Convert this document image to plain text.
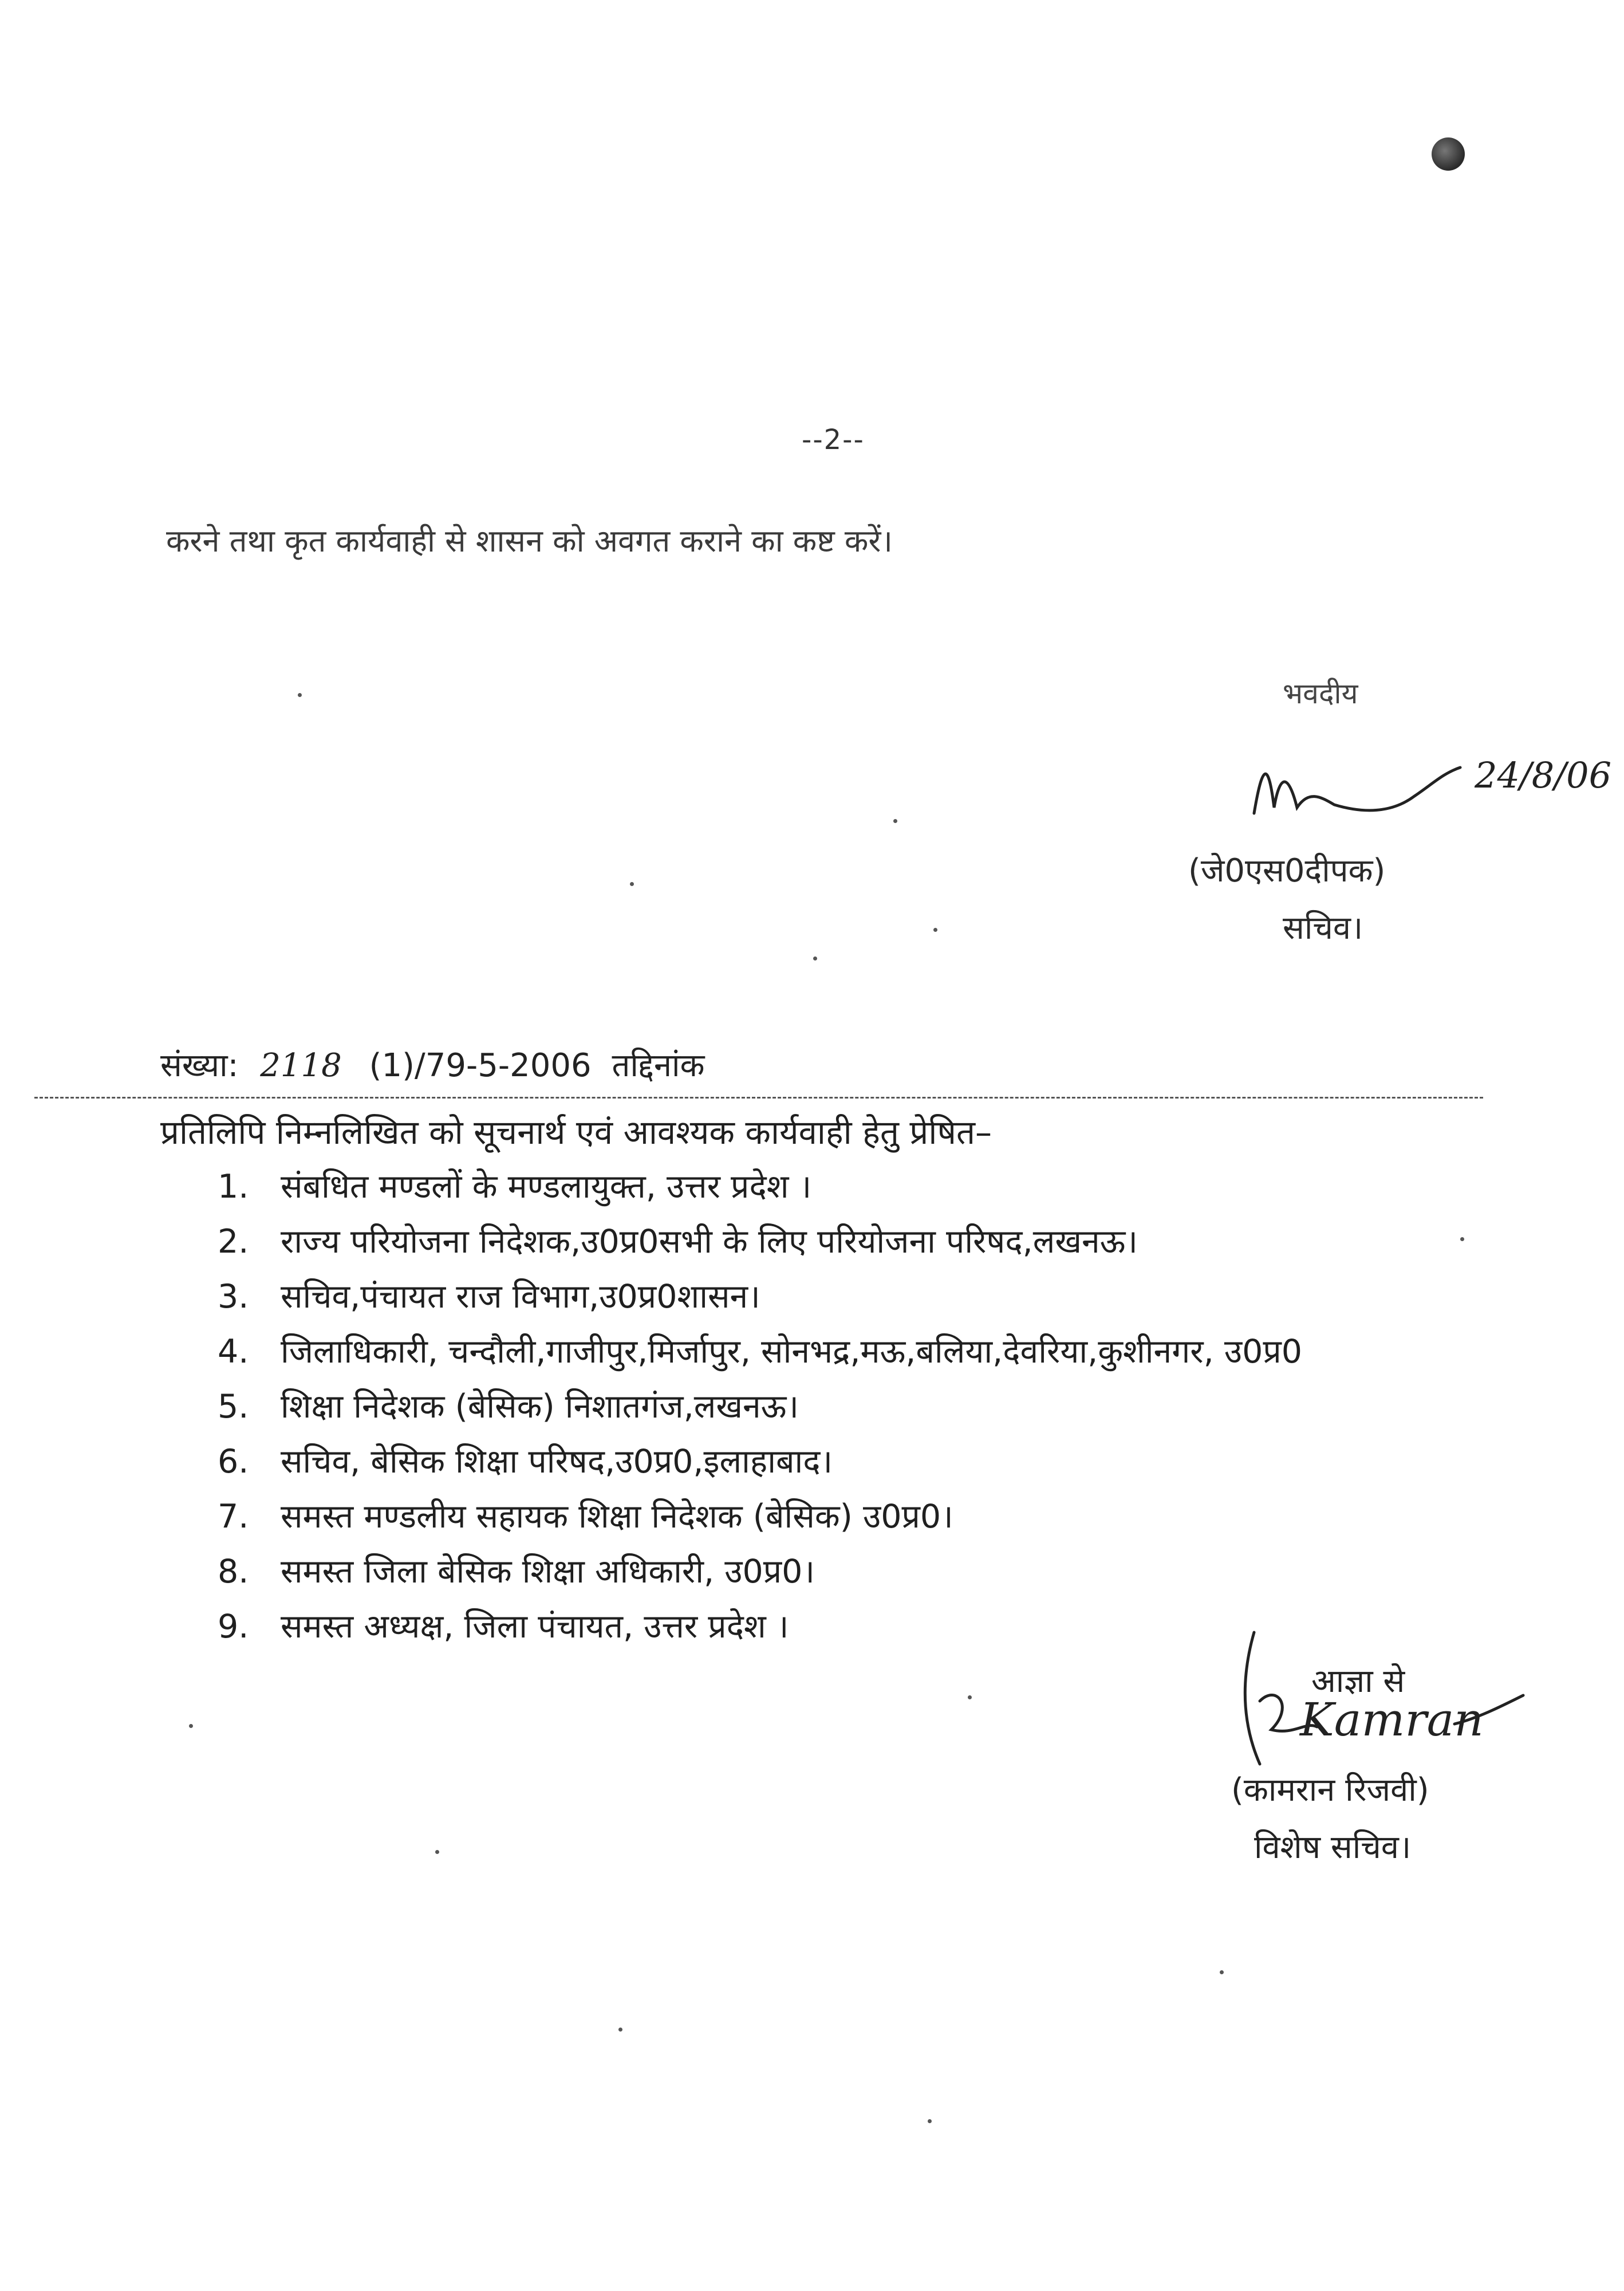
--2--
करने तथा कृत कार्यवाही से शासन को अवगत कराने का कष्ट करें।
भवदीय
24/8/06
(जे0एस0दीपक)
सचिव।
संख्या: 2118 (1)/79-5-2006 तद्दिनांक
प्रतिलिपि निम्नलिखित को सूचनार्थ एवं आवश्यक कार्यवाही हेतु प्रेषित–
1. संबधित मण्डलों के मण्डलायुक्त, उत्तर प्रदेश ।
2. राज्य परियोजना निदेशक,उ0प्र0सभी के लिए परियोजना परिषद,लखनऊ।
3. सचिव,पंचायत राज विभाग,उ0प्र0शासन।
4. जिलाधिकारी, चन्दौली,गाजीपुर,मिर्जापुर, सोनभद्र,मऊ,बलिया,देवरिया,कुशीनगर, उ0प्र0
5. शिक्षा निदेशक (बेसिक) निशातगंज,लखनऊ।
6. सचिव, बेसिक शिक्षा परिषद,उ0प्र0,इलाहाबाद।
7. समस्त मण्डलीय सहायक शिक्षा निदेशक (बेसिक) उ0प्र0।
8. समस्त जिला बेसिक शिक्षा अधिकारी, उ0प्र0।
9. समस्त अध्यक्ष, जिला पंचायत, उत्तर प्रदेश ।
आज्ञा से
Kamran
(कामरान रिजवी)
विशेष सचिव।
